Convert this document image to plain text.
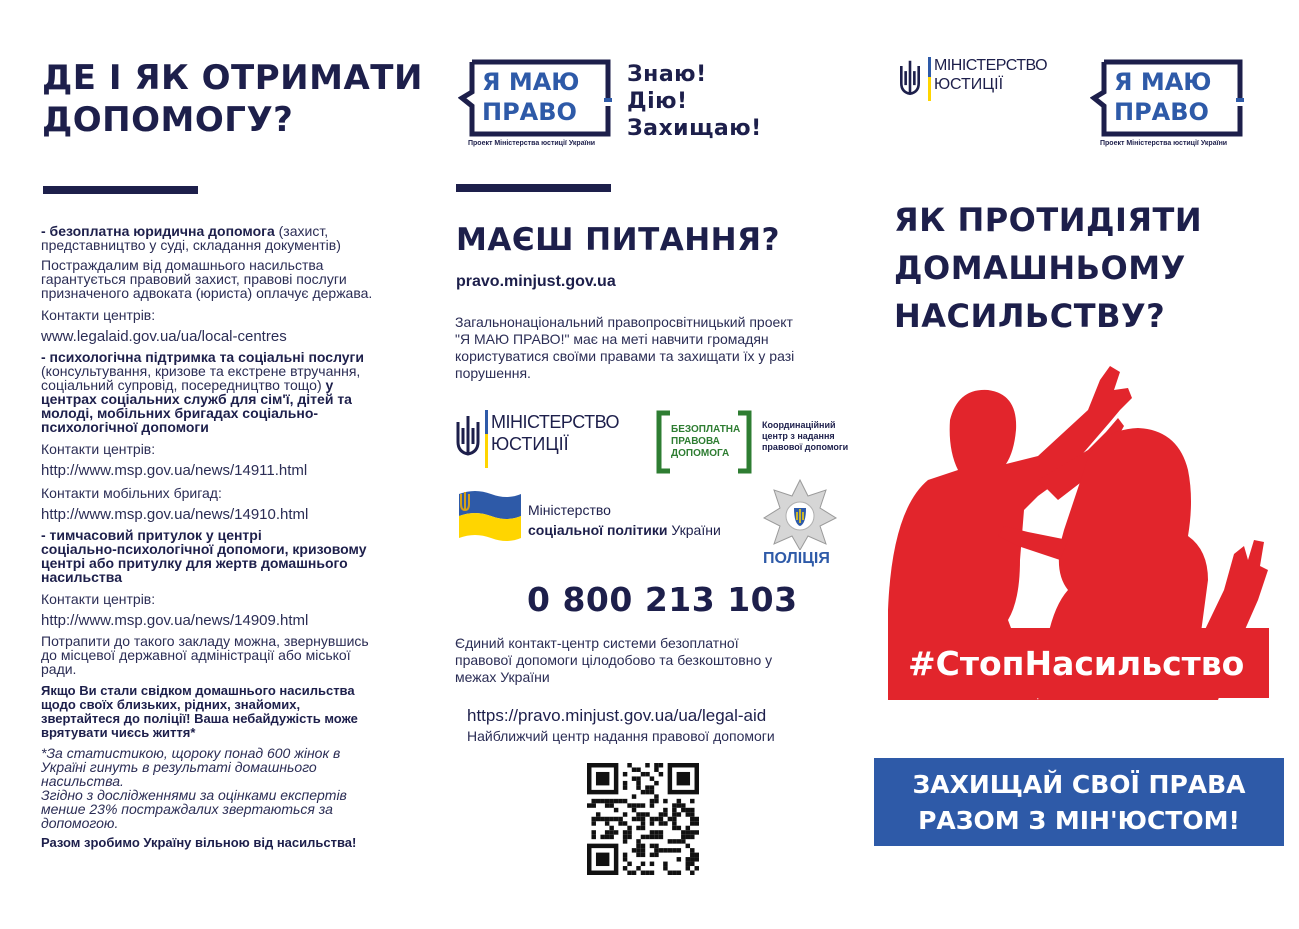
ДЕ І ЯК ОТРИМАТИ
ДОПОМОГУ?
- безоплатна юридична допомога (захист,
представництво у суді, складання документів)
Постраждалим від домашнього насильства
гарантується правовий захист, правові послуги
призначеного адвоката (юриста) оплачує держава.
Контакти центрів:
www.legalaid.gov.ua/ua/local-centres
- психологічна підтримка та соціальні послуги
(консультування, кризове та екстрене втручання,
соціальний супровід, посередництво тощо) у
центрах соціальних служб для сім'ї, дітей та
молоді, мобільних бригадах соціально-
психологічної допомоги
Контакти центрів:
http://www.msp.gov.ua/news/14911.html
Контакти мобільних бригад:
http://www.msp.gov.ua/news/14910.html
- тимчасовий притулок у центрі
соціально-психологічної допомоги, кризовому
центрі або притулку для жертв домашнього
насильства
Контакти центрів:
http://www.msp.gov.ua/news/14909.html
Потрапити до такого закладу можна, звернувшись
до місцевої державної адміністрації або міської
ради.
Якщо Ви стали свідком домашнього насильства
щодо своїх близьких, рідних, знайомих,
звертайтеся до поліції! Ваша небайдужість може
врятувати чиєсь життя*
*За статистикою, щороку понад 600 жінок в
Україні гинуть в результаті домашнього
насильства.
Згідно з дослідженнями за оцінками експертів
менше 23% постраждалих звертаються за
допомогою.
Разом зробимо Україну вільною від насильства!
Я МАЮ
ПРАВО
Проект Міністерства юстиції України
Знаю!
Дію!
Захищаю!
МАЄШ ПИТАННЯ?
pravo.minjust.gov.ua
Загальнонаціональний правопросвітницький проект
"Я МАЮ ПРАВО!" має на меті навчити громадян
користуватися своїми правами та захищати їх у разі
порушення.
МІНІСТЕРСТВО
ЮСТИЦІЇ
БЕЗОПЛАТНА
ПРАВОВА
ДОПОМОГА
Координаційний
центр з надання
правової допомоги
Міністерство
соціальної політики України
ПОЛІЦІЯ
0 800 213 103
Єдиний контакт-центр системи безоплатної
правової допомоги цілодобово та безкоштовно у
межах України
https://pravo.minjust.gov.ua/ua/legal-aid
Найближчий центр надання правової допомоги
МІНІСТЕРСТВО
ЮСТИЦІЇ	Я МАЮ
ПРАВО
Проект Міністерства юстиції України
ЯК ПРОТИДІЯТИ
ДОМАШНЬОМУ
НАСИЛЬСТВУ?
#СтопНасильство
ЗАХИЩАЙ СВОЇ ПРАВА
РАЗОМ З МІН'ЮСТОМ!
